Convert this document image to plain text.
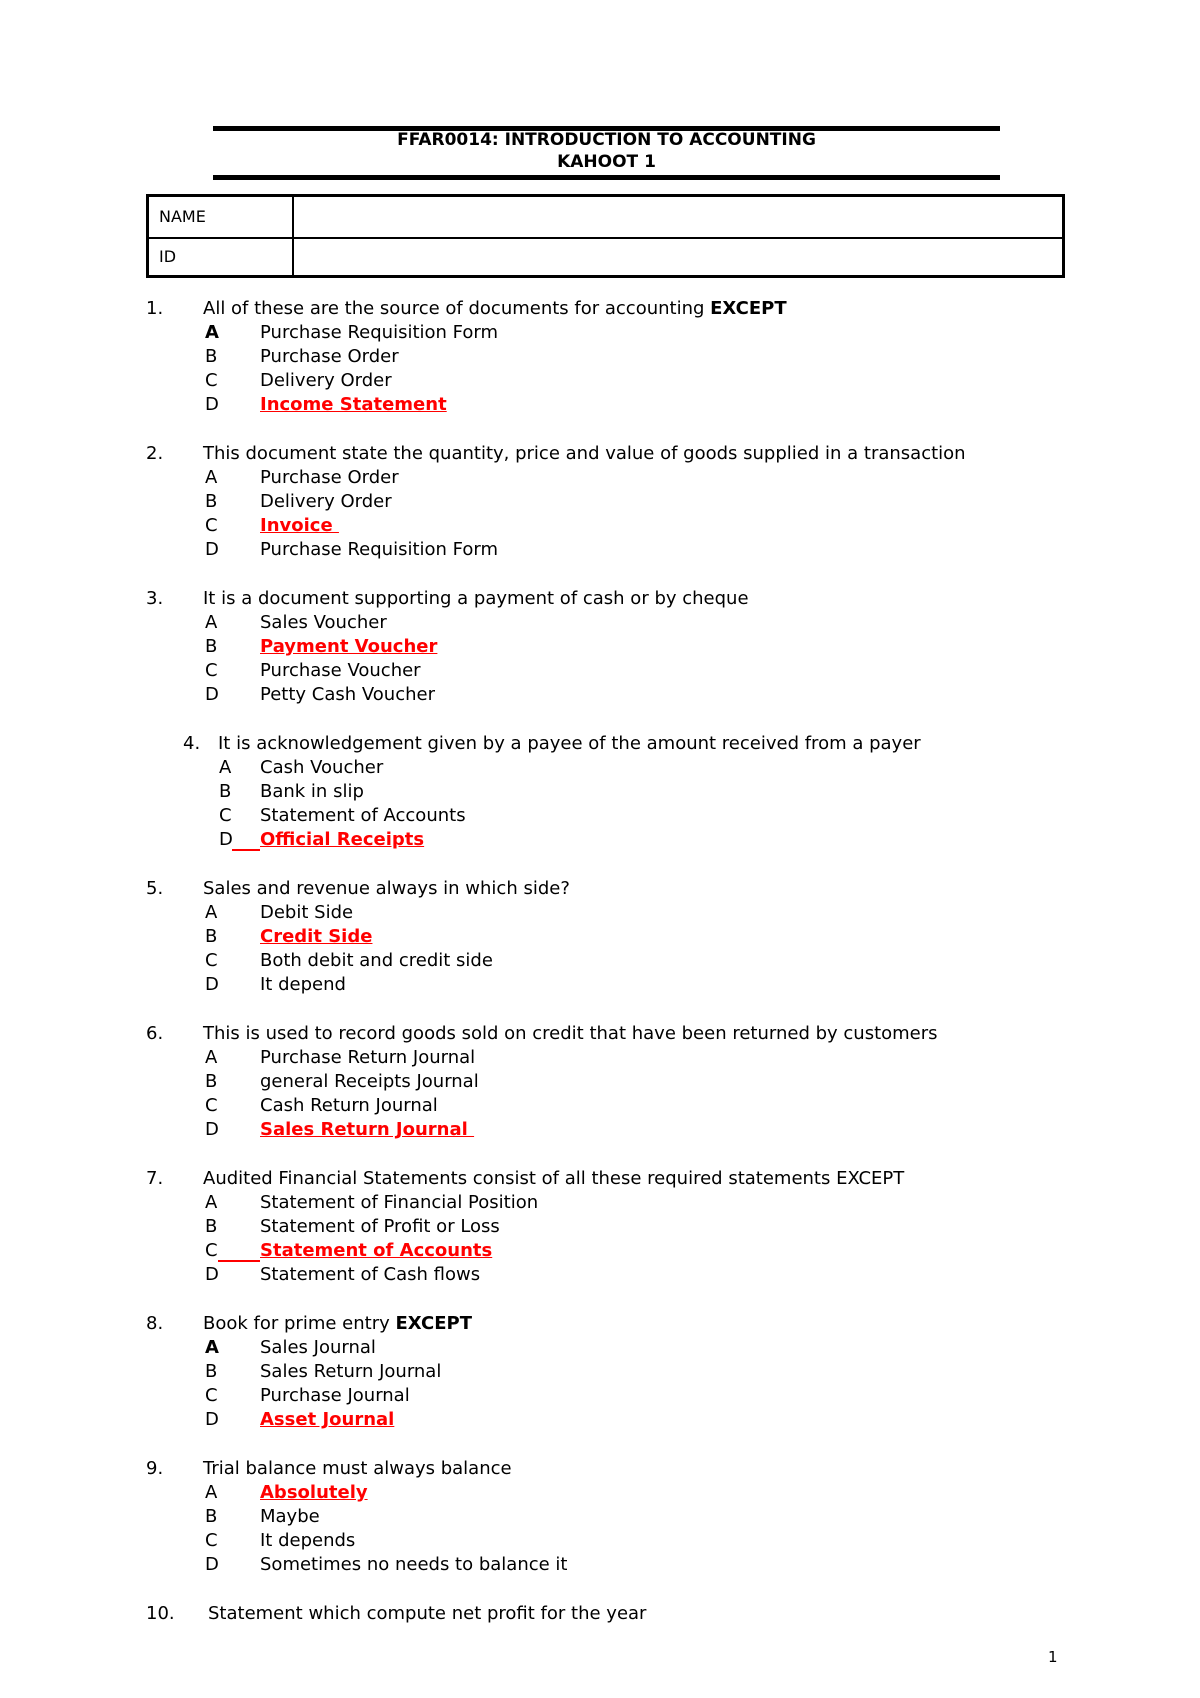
FFAR0014: INTRODUCTION TO ACCOUNTING
KAHOOT 1
NAME
ID
1. All of these are the source of documents for accounting EXCEPT
A Purchase Requisition Form
B Purchase Order
C Delivery Order
D Income Statement
2. This document state the quantity, price and value of goods supplied in a transaction
A Purchase Order
B Delivery Order
C Invoice
D Purchase Requisition Form
3. It is a document supporting a payment of cash or by cheque
A Sales Voucher
B Payment Voucher
C Purchase Voucher
D Petty Cash Voucher
4. It is acknowledgement given by a payee of the amount received from a payer
A Cash Voucher
B Bank in slip
C Statement of Accounts
D Official Receipts
5. Sales and revenue always in which side?
A Debit Side
B Credit Side
C Both debit and credit side
D It depend
6. This is used to record goods sold on credit that have been returned by customers
A Purchase Return Journal
B general Receipts Journal
C Cash Return Journal
D Sales Return Journal
7. Audited Financial Statements consist of all these required statements EXCEPT
A Statement of Financial Position
B Statement of Profit or Loss
C Statement of Accounts
D Statement of Cash flows
8. Book for prime entry EXCEPT
A Sales Journal
B Sales Return Journal
C Purchase Journal
D Asset Journal
9. Trial balance must always balance
A Absolutely
B Maybe
C It depends
D Sometimes no needs to balance it
10. Statement which compute net profit for the year
1
